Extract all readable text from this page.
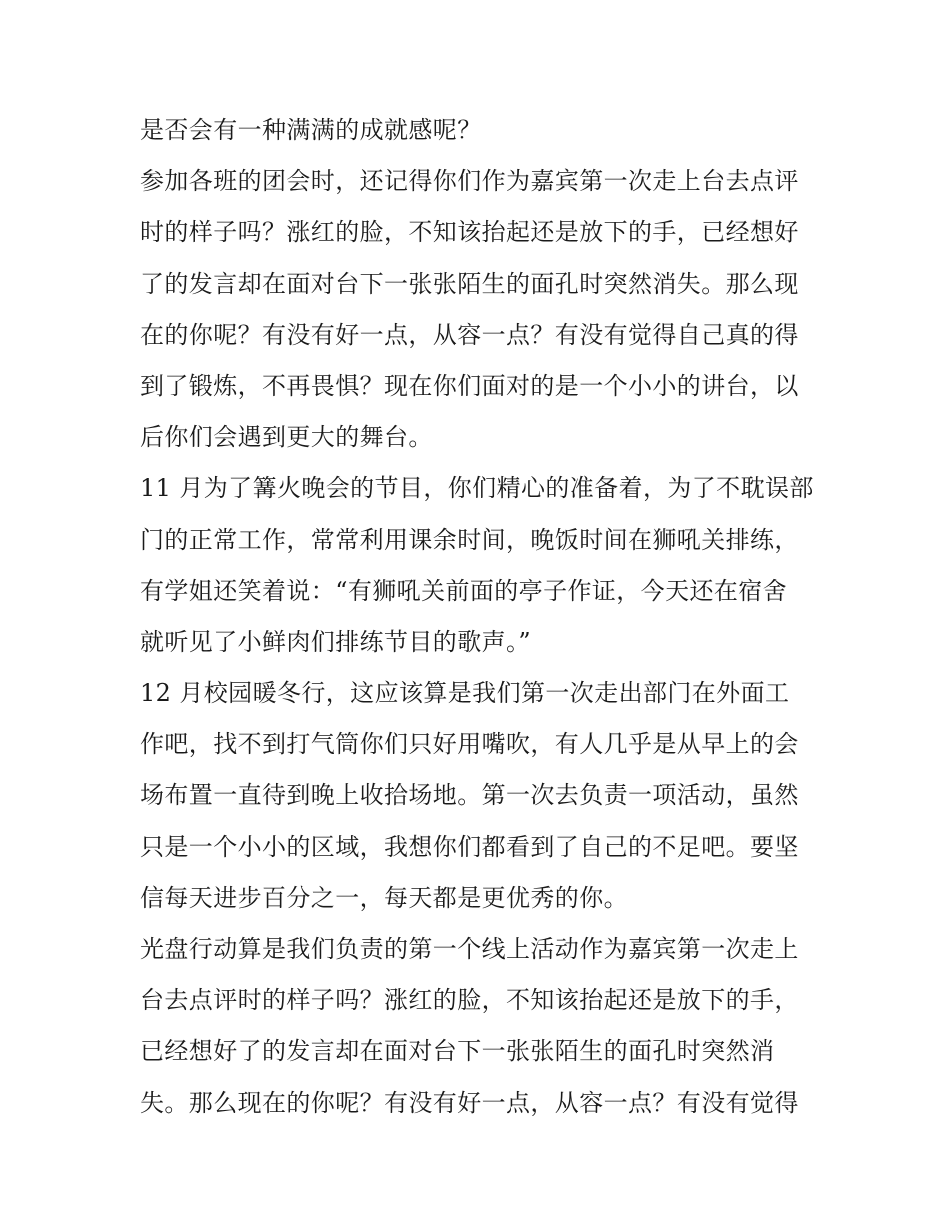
是否会有一种满满的成就感呢？
参加各班的团会时，还记得你们作为嘉宾第一次走上台去点评
时的样子吗？涨红的脸，不知该抬起还是放下的手，已经想好
了的发言却在面对台下一张张陌生的面孔时突然消失。那么现
在的你呢？有没有好一点，从容一点？有没有觉得自己真的得
到了锻炼，不再畏惧？现在你们面对的是一个小小的讲台，以
后你们会遇到更大的舞台。
11 月为了篝火晚会的节目，你们精心的准备着，为了不耽误部
门的正常工作，常常利用课余时间，晚饭时间在狮吼关排练，
有学姐还笑着说：“有狮吼关前面的亭子作证，今天还在宿舍
就听见了小鲜肉们排练节目的歌声。”
12 月校园暖冬行，这应该算是我们第一次走出部门在外面工
作吧，找不到打气筒你们只好用嘴吹，有人几乎是从早上的会
场布置一直待到晚上收拾场地。第一次去负责一项活动，虽然
只是一个小小的区域，我想你们都看到了自己的不足吧。要坚
信每天进步百分之一，每天都是更优秀的你。
光盘行动算是我们负责的第一个线上活动作为嘉宾第一次走上
台去点评时的样子吗？涨红的脸，不知该抬起还是放下的手，
已经想好了的发言却在面对台下一张张陌生的面孔时突然消
失。那么现在的你呢？有没有好一点，从容一点？有没有觉得
